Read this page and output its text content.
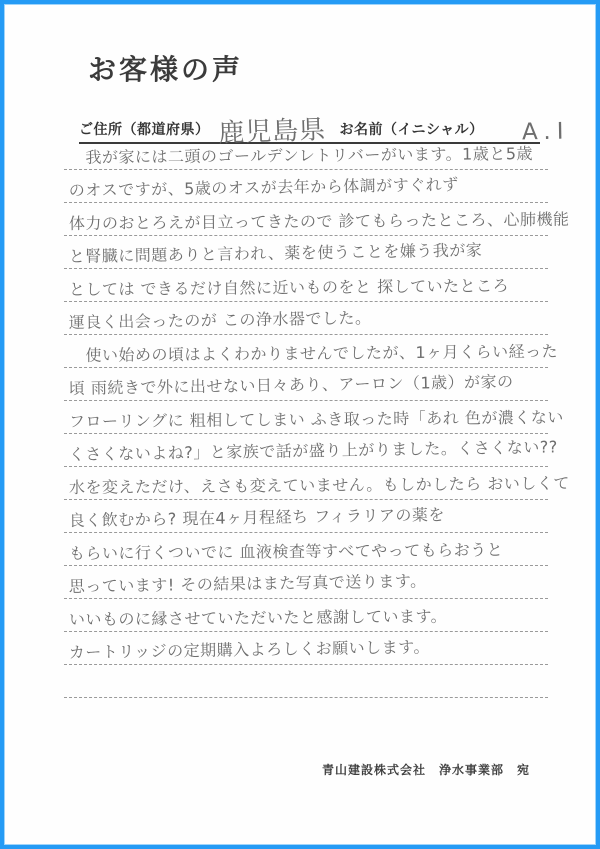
お客様の声
ご住所（都道府県） 鹿児島県 お名前（イニシャル） A.I
　我が家には二頭のゴールデンレトリバーがいます。1歳と5歳
のオスですが、5歳のオスが去年から体調がすぐれず
体力のおとろえが目立ってきたので 診てもらったところ、心肺機能
と腎臓に問題ありと言われ、薬を使うことを嫌う我が家
としては できるだけ自然に近いものをと 探していたところ
運良く出会ったのが この浄水器でした。
　使い始めの頃はよくわかりませんでしたが、1ヶ月くらい経った
頃 雨続きで外に出せない日々あり、アーロン（1歳）が家の
フローリングに 粗相してしまい ふき取った時「あれ 色が濃くない
くさくないよね?」と家族で話が盛り上がりました。くさくない??
水を変えただけ、えさも変えていません。もしかしたら おいしくて
良く飲むから? 現在4ヶ月程経ち フィラリアの薬を
もらいに行くついでに 血液検査等すべてやってもらおうと
思っています! その結果はまた写真で送ります。
いいものに縁させていただいたと感謝しています。
カートリッジの定期購入よろしくお願いします。
青山建設株式会社　浄水事業部　宛
